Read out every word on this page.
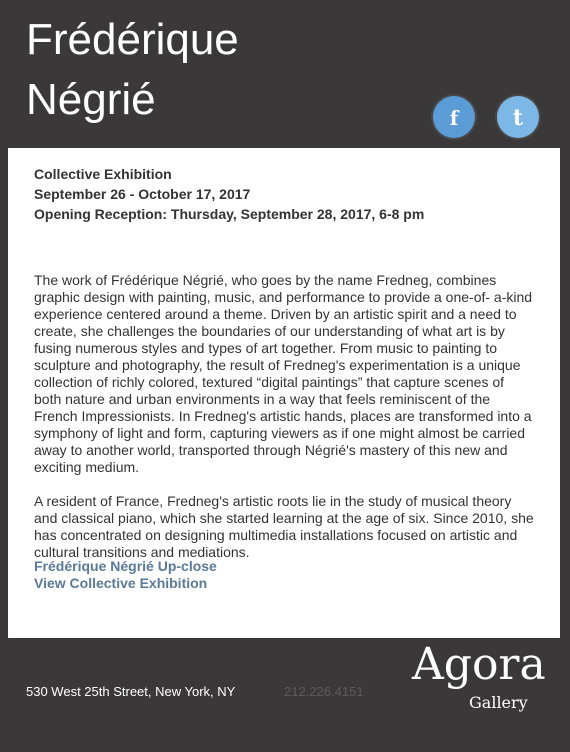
Frédérique
Négrié	f t
Collective Exhibition
September 26 - October 17, 2017
Opening Reception: Thursday, September 28, 2017, 6-8 pm

The work of Frédérique Négrié, who goes by the name Fredneg, combines graphic design with painting, music, and performance to provide a one-of- a-kind experience centered around a theme. Driven by an artistic spirit and a need to create, she challenges the boundaries of our understanding of what art is by fusing numerous styles and types of art together. From music to painting to sculpture and photography, the result of Fredneg's experimentation is a unique collection of richly colored, textured “digital paintings” that capture scenes of both nature and urban environments in a way that feels reminiscent of the French Impressionists. In Fredneg's artistic hands, places are transformed into a symphony of light and form, capturing viewers as if one might almost be carried away to another world, transported through Négrié's mastery of this new and exciting medium.

A resident of France, Fredneg's artistic roots lie in the study of musical theory and classical piano, which she started learning at the age of six. Since 2010, she has concentrated on designing multimedia installations focused on artistic and cultural transitions and mediations.

Frédérique Négrié Up-close
View Collective Exhibition
530 West 25th Street, New York, NY	212.226.4151
Agora
Gallery
